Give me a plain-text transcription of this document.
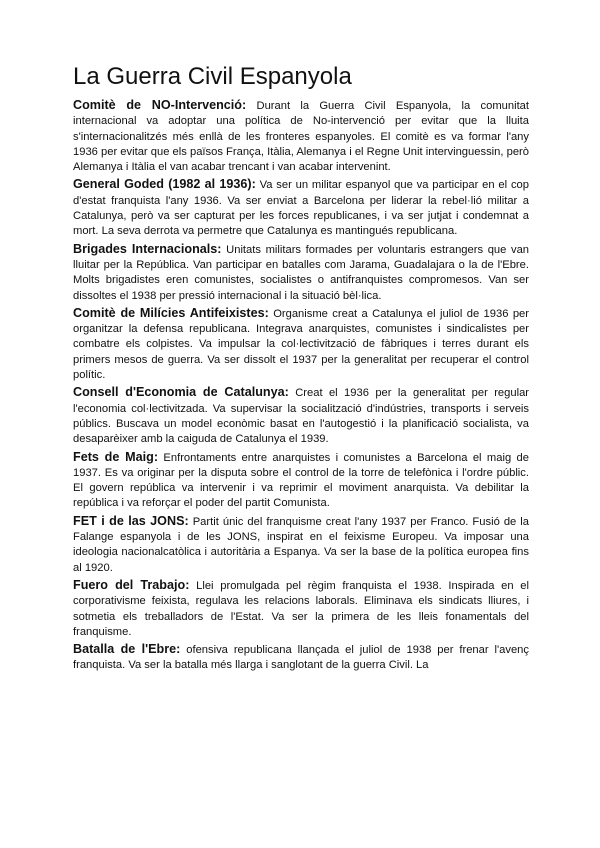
La Guerra Civil Espanyola

Comitè de NO-Intervenció: Durant la Guerra Civil Espanyola, la comunitat internacional va adoptar una política de No-intervenció per evitar que la lluita s'internacionalitzés més enllà de les fronteres espanyoles. El comitè es va formar l'any 1936 per evitar que els països França, Itàlia, Alemanya i el Regne Unit intervinguessin, però Alemanya i Itàlia el van acabar trencant i van acabar intervenint.

General Goded (1982 al 1936): Va ser un militar espanyol que va participar en el cop d'estat franquista l'any 1936. Va ser enviat a Barcelona per liderar la rebel·lió militar a Catalunya, però va ser capturat per les forces republicanes, i va ser jutjat i condemnat a mort. La seva derrota va permetre que Catalunya es mantingués republicana.

Brigades Internacionals: Unitats militars formades per voluntaris estrangers que van lluitar per la República. Van participar en batalles com Jarama, Guadalajara o la de l'Ebre. Molts brigadistes eren comunistes, socialistes o antifranquistes compromesos. Van ser dissoltes el 1938 per pressió internacional i la situació bèl·lica.

Comitè de Milícies Antifeixistes: Organisme creat a Catalunya el juliol de 1936 per organitzar la defensa republicana. Integrava anarquistes, comunistes i sindicalistes per combatre els colpistes. Va impulsar la col·lectivització de fàbriques i terres durant els primers mesos de guerra. Va ser dissolt el 1937 per la generalitat per recuperar el control polític.

Consell d'Economia de Catalunya: Creat el 1936 per la generalitat per regular l'economia col·lectivitzada. Va supervisar la socialització d'indústries, transports i serveis públics. Buscava un model econòmic basat en l'autogestió i la planificació socialista, va desaparèixer amb la caiguda de Catalunya el 1939.

Fets de Maig: Enfrontaments entre anarquistes i comunistes a Barcelona el maig de 1937. Es va originar per la disputa sobre el control de la torre de telefònica i l'ordre públic. El govern república va intervenir i va reprimir el moviment anarquista. Va debilitar la república i va reforçar el poder del partit Comunista.

FET i de las JONS: Partit únic del franquisme creat l'any 1937 per Franco. Fusió de la Falange espanyola i de les JONS, inspirat en el feixisme Europeu. Va imposar una ideologia nacionalcatòlica i autoritària a Espanya. Va ser la base de la política europea fins al 1920.

Fuero del Trabajo: Llei promulgada pel règim franquista el 1938. Inspirada en el corporativisme feixista, regulava les relacions laborals. Eliminava els sindicats lliures, i sotmetia els treballadors de l'Estat. Va ser la primera de les lleis fonamentals del franquisme.

Batalla de l'Ebre: ofensiva republicana llançada el juliol de 1938 per frenar l'avenç franquista. Va ser la batalla més llarga i sanglotant de la guerra Civil. La
